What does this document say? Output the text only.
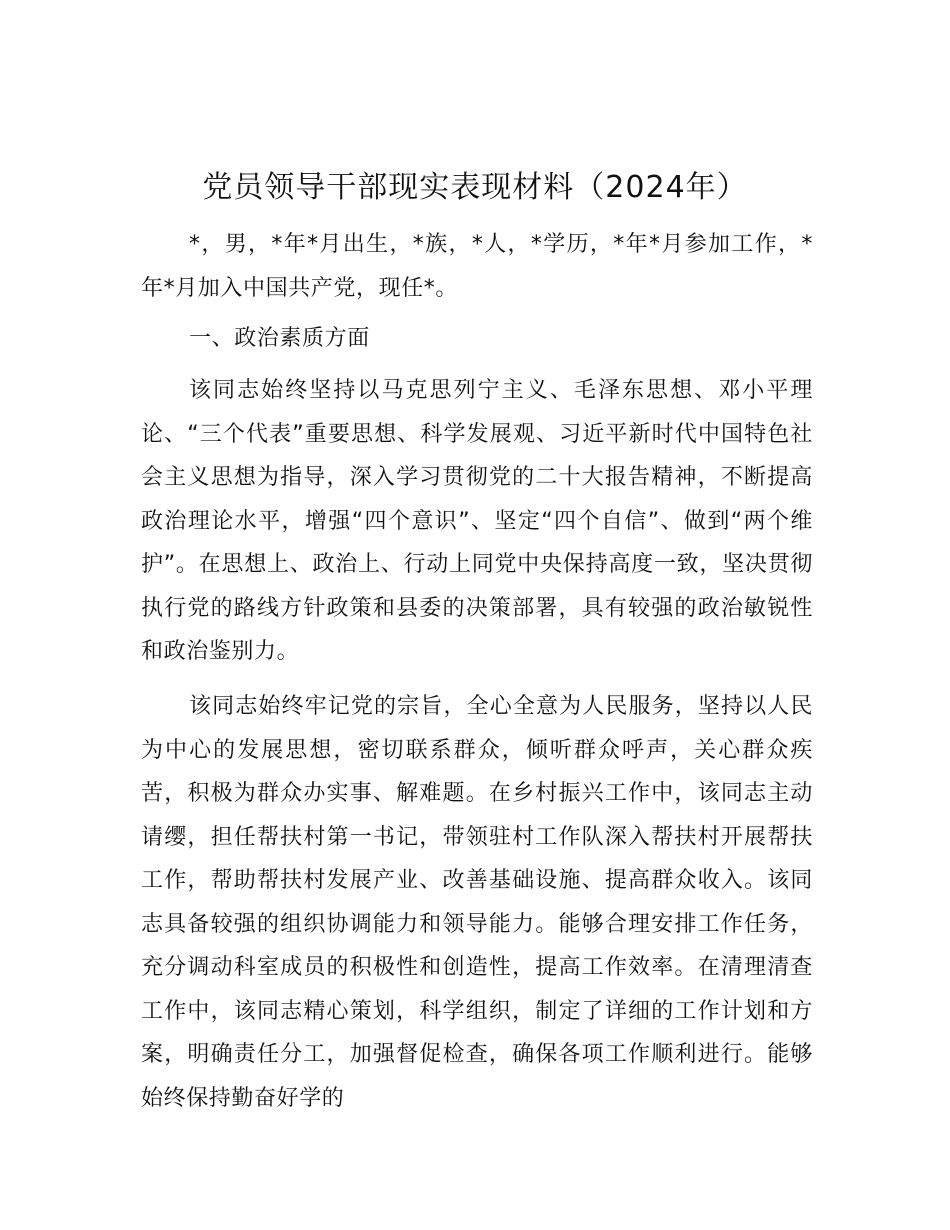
党员领导干部现实表现材料（2024年）

*，男，*年*月出生，*族，*人，*学历，*年*月参加工作，*年*月加入中国共产党，现任*。

一、政治素质方面

该同志始终坚持以马克思列宁主义、毛泽东思想、邓小平理论、“三个代表”重要思想、科学发展观、习近平新时代中国特色社会主义思想为指导，深入学习贯彻党的二十大报告精神，不断提高政治理论水平，增强“四个意识”、坚定“四个自信”、做到“两个维护”。在思想上、政治上、行动上同党中央保持高度一致，坚决贯彻执行党的路线方针政策和县委的决策部署，具有较强的政治敏锐性和政治鉴别力。

该同志始终牢记党的宗旨，全心全意为人民服务，坚持以人民为中心的发展思想，密切联系群众，倾听群众呼声，关心群众疾苦，积极为群众办实事、解难题。在乡村振兴工作中，该同志主动请缨，担任帮扶村第一书记，带领驻村工作队深入帮扶村开展帮扶工作，帮助帮扶村发展产业、改善基础设施、提高群众收入。该同志具备较强的组织协调能力和领导能力。能够合理安排工作任务，充分调动科室成员的积极性和创造性，提高工作效率。在清理清查工作中，该同志精心策划，科学组织，制定了详细的工作计划和方案，明确责任分工，加强督促检查，确保各项工作顺利进行。能够始终保持勤奋好学的
